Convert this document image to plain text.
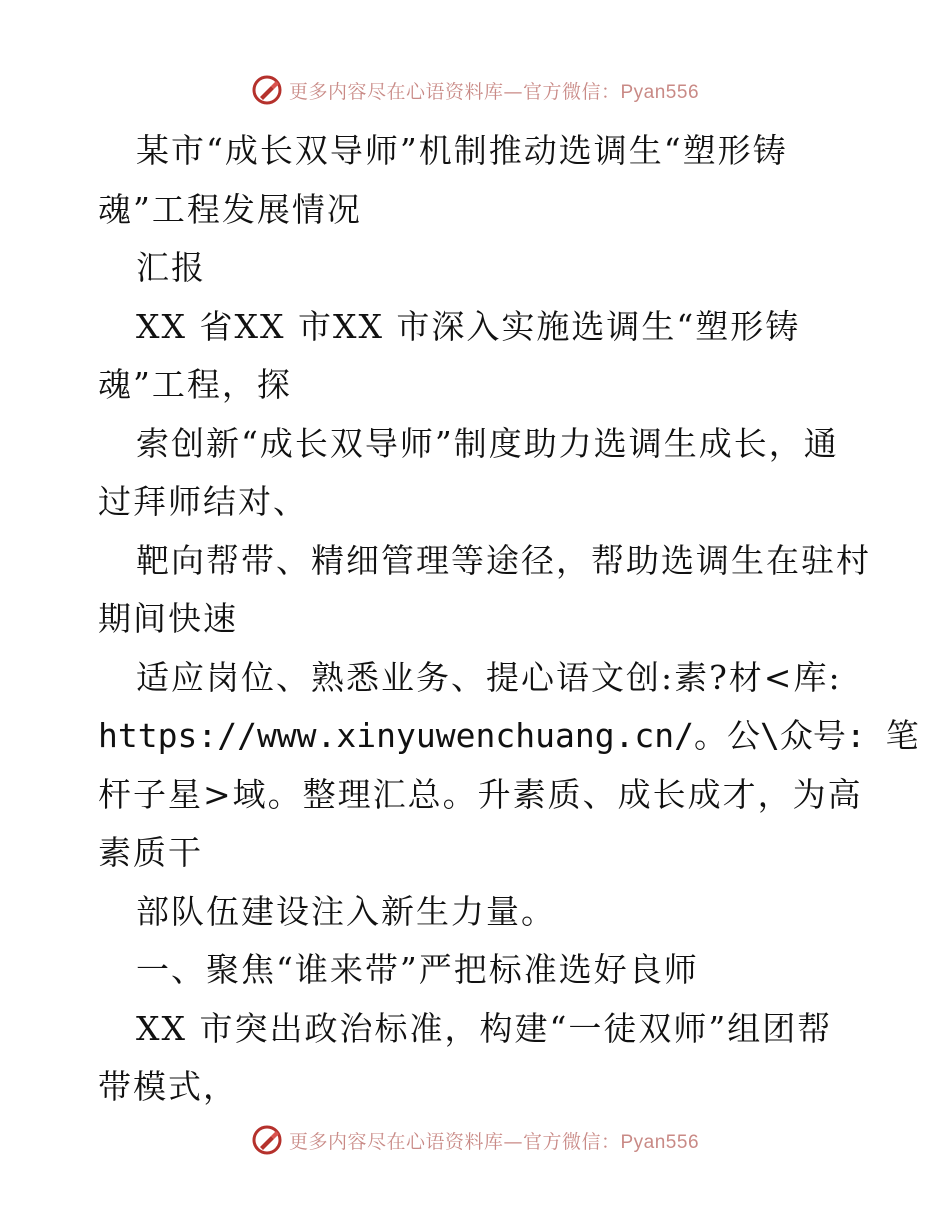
更多内容尽在心语资料库—官方微信：Pyan556
某市“成长双导师”机制推动选调生“塑形铸
魂”工程发展情况
汇报
XX 省XX 市XX 市深入实施选调生“塑形铸
魂”工程，探
索创新“成长双导师”制度助力选调生成长，通
过拜师结对、
靶向帮带、精细管理等途径，帮助选调生在驻村
期间快速
适应岗位、熟悉业务、提心语文创:素?材<库:
https://www.xinyuwenchuang.cn/。公\众号: 笔
杆子星>域。整理汇总。升素质、成长成才，为高
素质干
部队伍建设注入新生力量。
一、聚焦“谁来带”严把标准选好良师
XX 市突出政治标准，构建“一徒双师”组团帮
带模式，
更多内容尽在心语资料库—官方微信：Pyan556
